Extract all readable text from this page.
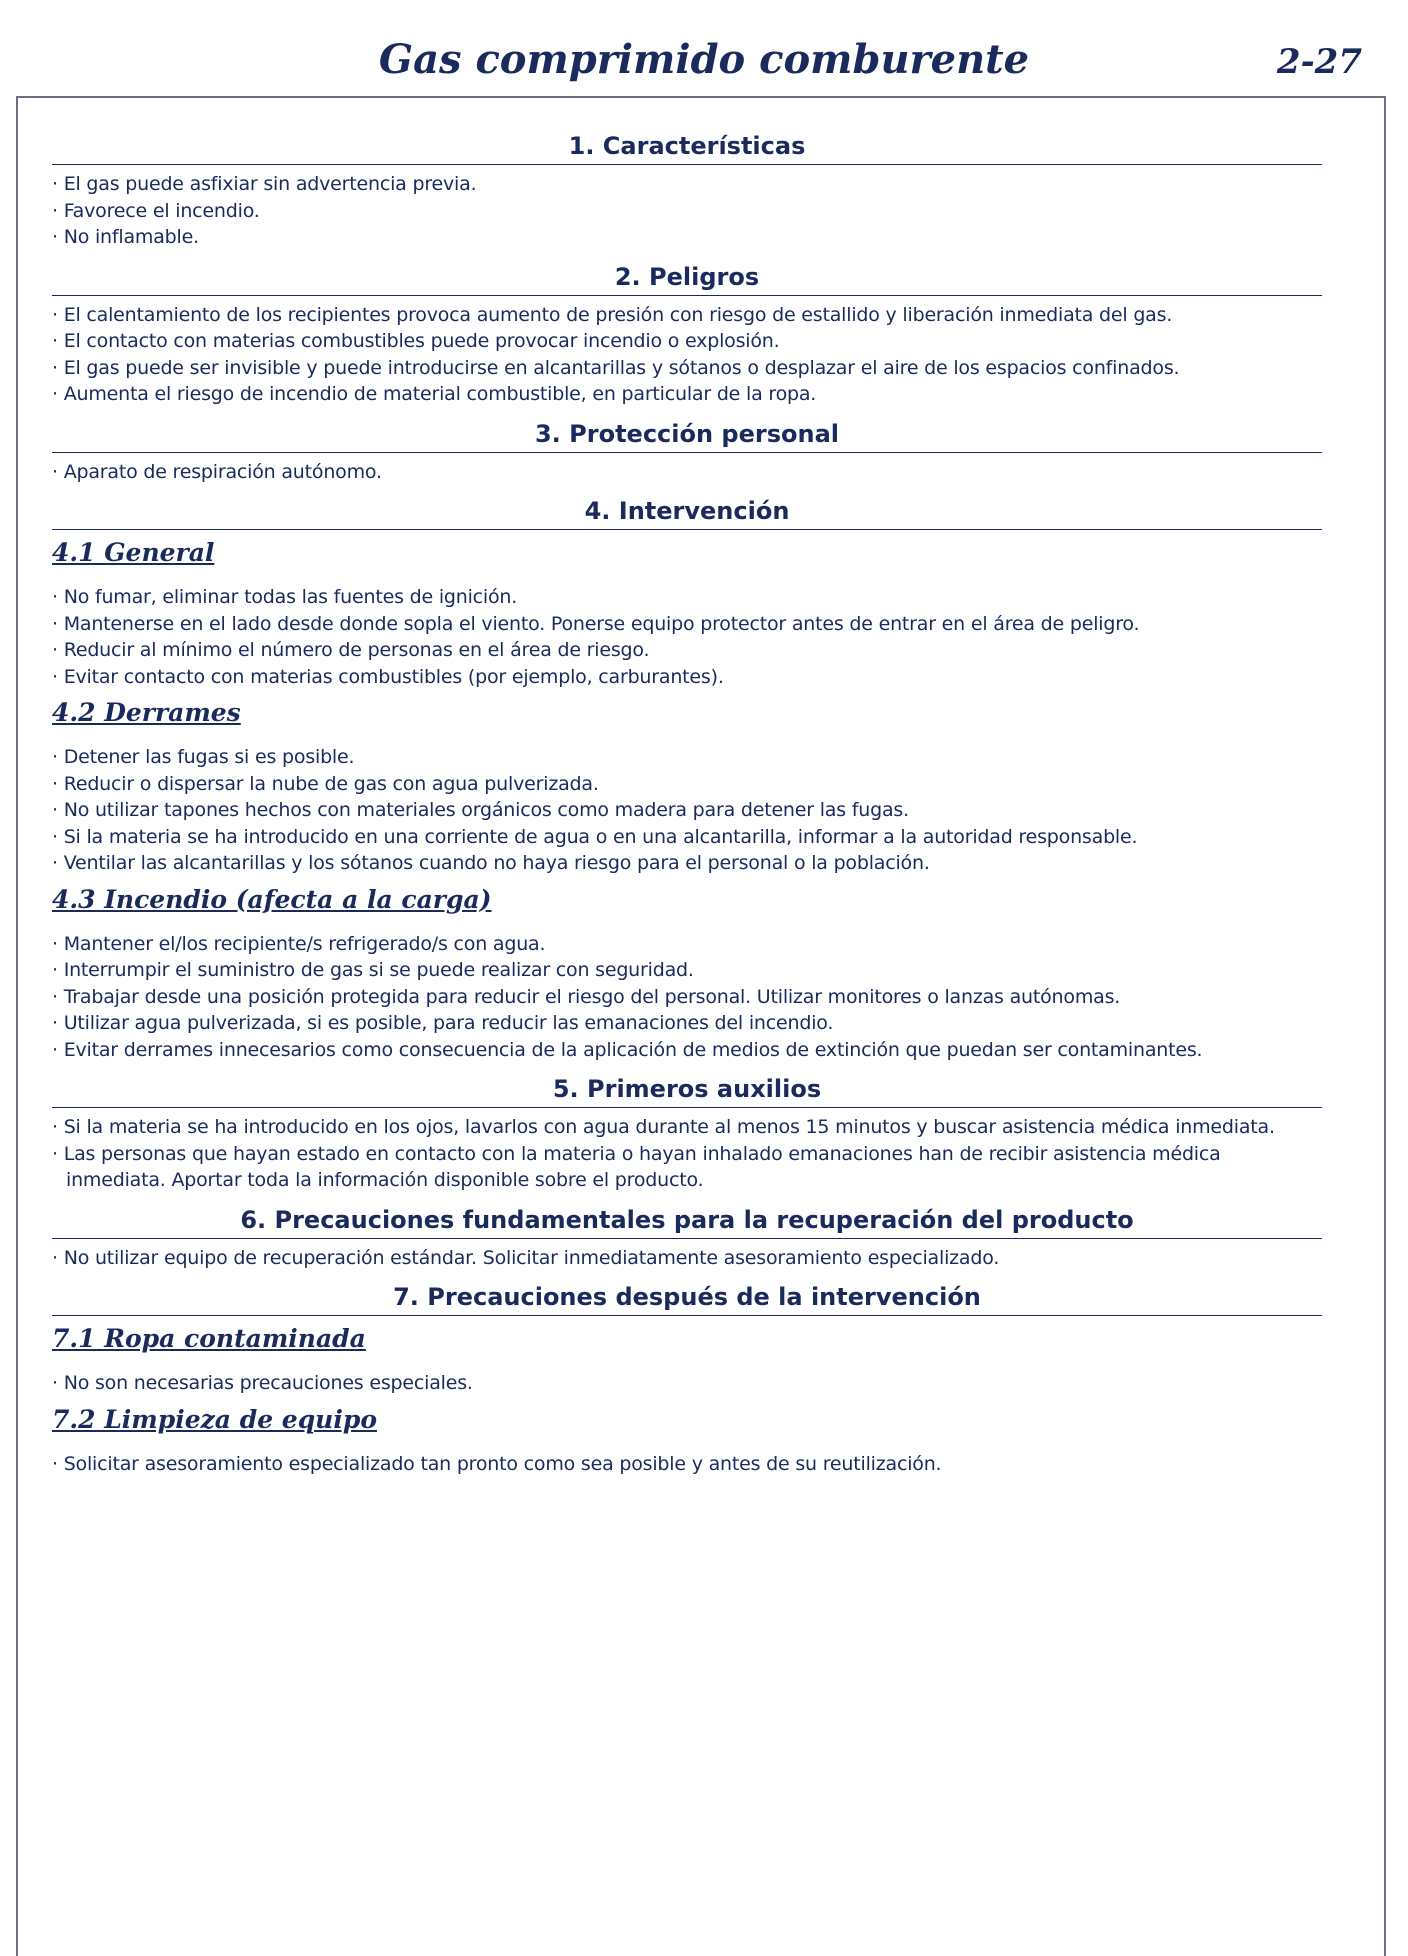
Gas comprimido comburente	2-27
1. Características
· El gas puede asfixiar sin advertencia previa.
· Favorece el incendio.
· No inflamable.
2. Peligros
· El calentamiento de los recipientes provoca aumento de presión con riesgo de estallido y liberación inmediata del gas.
· El contacto con materias combustibles puede provocar incendio o explosión.
· El gas puede ser invisible y puede introducirse en alcantarillas y sótanos o desplazar el aire de los espacios confinados.
· Aumenta el riesgo de incendio de material combustible, en particular de la ropa.
3. Protección personal
· Aparato de respiración autónomo.
4. Intervención
4.1 General
· No fumar, eliminar todas las fuentes de ignición.
· Mantenerse en el lado desde donde sopla el viento. Ponerse equipo protector antes de entrar en el área de peligro.
· Reducir al mínimo el número de personas en el área de riesgo.
· Evitar contacto con materias combustibles (por ejemplo, carburantes).
4.2 Derrames
· Detener las fugas si es posible.
· Reducir o dispersar la nube de gas con agua pulverizada.
· No utilizar tapones hechos con materiales orgánicos como madera para detener las fugas.
· Si la materia se ha introducido en una corriente de agua o en una alcantarilla, informar a la autoridad responsable.
· Ventilar las alcantarillas y los sótanos cuando no haya riesgo para el personal o la población.
4.3 Incendio (afecta a la carga)
· Mantener el/los recipiente/s refrigerado/s con agua.
· Interrumpir el suministro de gas si se puede realizar con seguridad.
· Trabajar desde una posición protegida para reducir el riesgo del personal. Utilizar monitores o lanzas autónomas.
· Utilizar agua pulverizada, si es posible, para reducir las emanaciones del incendio.
· Evitar derrames innecesarios como consecuencia de la aplicación de medios de extinción que puedan ser contaminantes.
5. Primeros auxilios
· Si la materia se ha introducido en los ojos, lavarlos con agua durante al menos 15 minutos y buscar asistencia médica inmediata.
· Las personas que hayan estado en contacto con la materia o hayan inhalado emanaciones han de recibir asistencia médica inmediata. Aportar toda la información disponible sobre el producto.
6. Precauciones fundamentales para la recuperación del producto
· No utilizar equipo de recuperación estándar. Solicitar inmediatamente asesoramiento especializado.
7. Precauciones después de la intervención
7.1 Ropa contaminada
· No son necesarias precauciones especiales.
7.2 Limpieza de equipo
· Solicitar asesoramiento especializado tan pronto como sea posible y antes de su reutilización.
